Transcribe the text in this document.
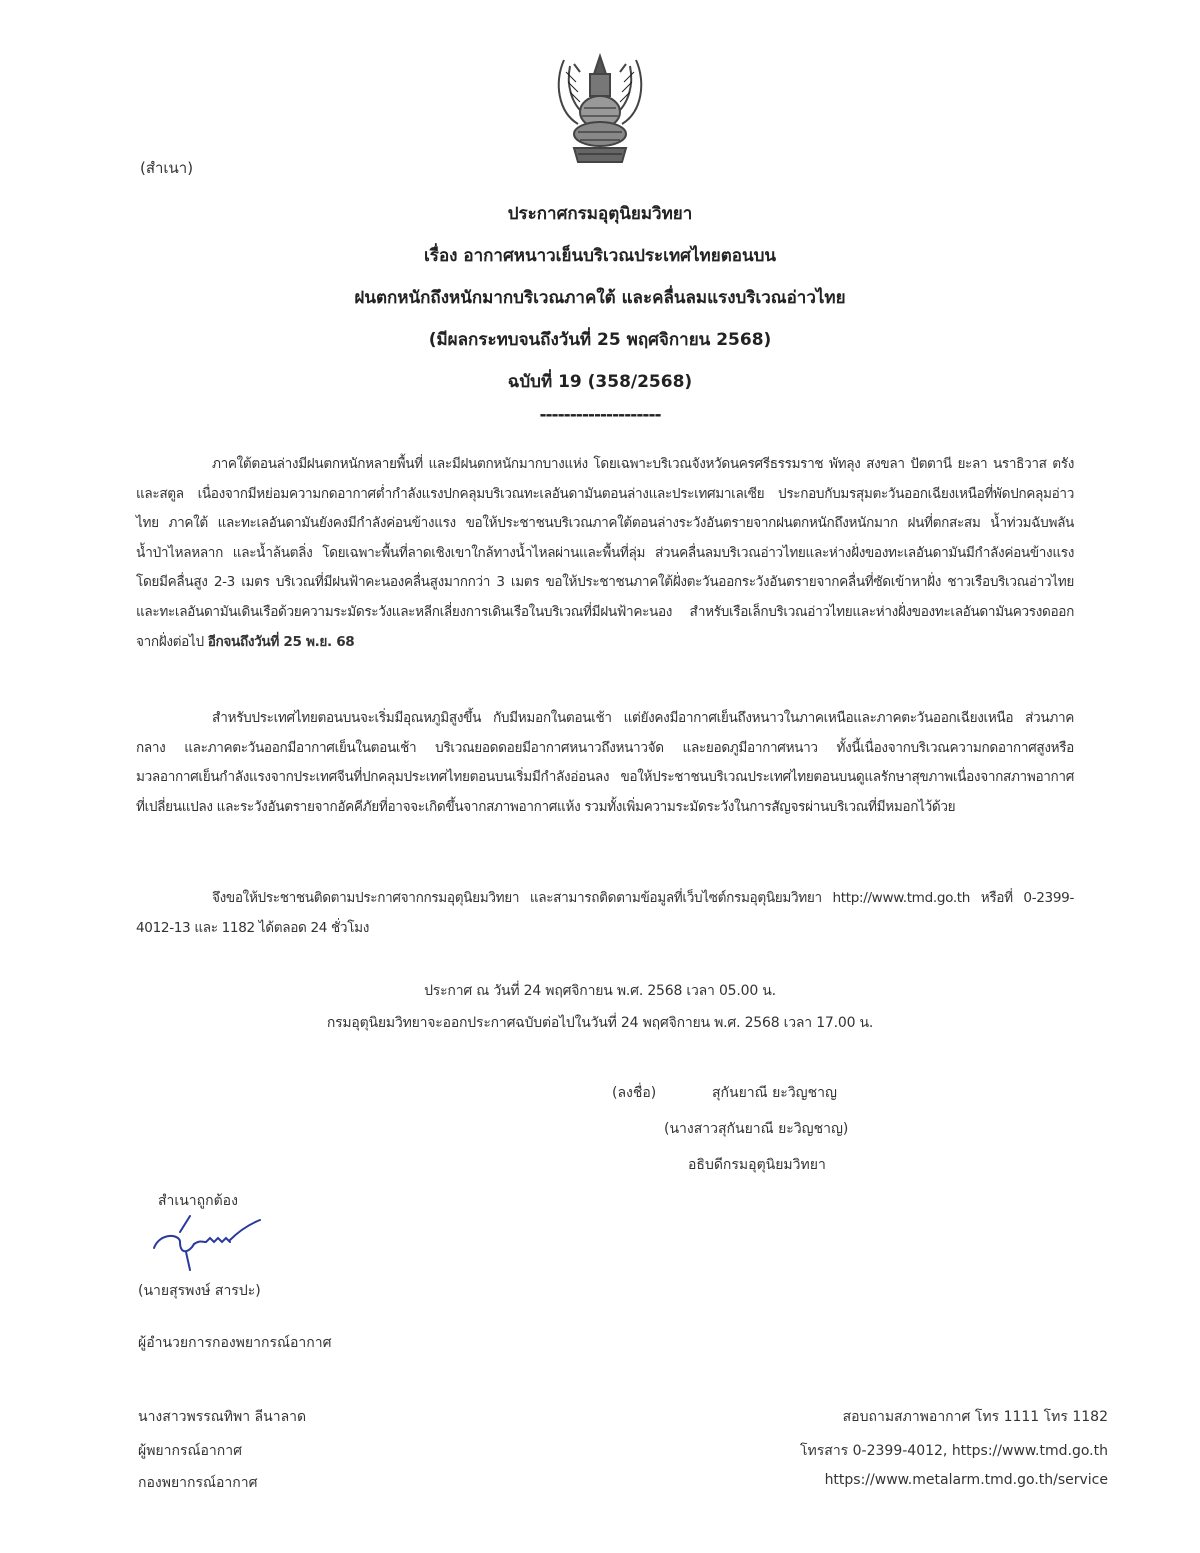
(สำเนา)
ประกาศกรมอุตุนิยมวิทยา
เรื่อง อากาศหนาวเย็นบริเวณประเทศไทยตอนบน
ฝนตกหนักถึงหนักมากบริเวณภาคใต้ และคลื่นลมแรงบริเวณอ่าวไทย
(มีผลกระทบจนถึงวันที่ 25 พฤศจิกายน 2568)
ฉบับที่ 19 (358/2568)
--------------------
ภาคใต้ตอนล่างมีฝนตกหนักหลายพื้นที่ และมีฝนตกหนักมากบางแห่ง โดยเฉพาะบริเวณจังหวัดนครศรีธรรมราช พัทลุง สงขลา ปัตตานี ยะลา นราธิวาส ตรัง และสตูล เนื่องจากมีหย่อมความกดอากาศต่ำกำลังแรงปกคลุมบริเวณทะเลอันดามันตอนล่างและประเทศมาเลเซีย ประกอบกับมรสุมตะวันออกเฉียงเหนือที่พัดปกคลุมอ่าวไทย ภาคใต้ และทะเลอันดามันยังคงมีกำลังค่อนข้างแรง ขอให้ประชาชนบริเวณภาคใต้ตอนล่างระวังอันตรายจากฝนตกหนักถึงหนักมาก ฝนที่ตกสะสม น้ำท่วมฉับพลัน น้ำป่าไหลหลาก และน้ำล้นตลิ่ง โดยเฉพาะพื้นที่ลาดเชิงเขาใกล้ทางน้ำไหลผ่านและพื้นที่ลุ่ม ส่วนคลื่นลมบริเวณอ่าวไทยและห่างฝั่งของทะเลอันดามันมีกำลังค่อนข้างแรง โดยมีคลื่นสูง 2-3 เมตร บริเวณที่มีฝนฟ้าคะนองคลื่นสูงมากกว่า 3 เมตร ขอให้ประชาชนภาคใต้ฝั่งตะวันออกระวังอันตรายจากคลื่นที่ซัดเข้าหาฝั่ง ชาวเรือบริเวณอ่าวไทยและทะเลอันดามันเดินเรือด้วยความระมัดระวังและหลีกเลี่ยงการเดินเรือในบริเวณที่มีฝนฟ้าคะนอง สำหรับเรือเล็กบริเวณอ่าวไทยและห่างฝั่งของทะเลอันดามันควรงดออกจากฝั่งต่อไป อีกจนถึงวันที่ 25 พ.ย. 68
สำหรับประเทศไทยตอนบนจะเริ่มมีอุณหภูมิสูงขึ้น กับมีหมอกในตอนเช้า แต่ยังคงมีอากาศเย็นถึงหนาวในภาคเหนือและภาคตะวันออกเฉียงเหนือ ส่วนภาคกลาง และภาคตะวันออกมีอากาศเย็นในตอนเช้า บริเวณยอดดอยมีอากาศหนาวถึงหนาวจัด และยอดภูมีอากาศหนาว ทั้งนี้เนื่องจากบริเวณความกดอากาศสูงหรือมวลอากาศเย็นกำลังแรงจากประเทศจีนที่ปกคลุมประเทศไทยตอนบนเริ่มมีกำลังอ่อนลง ขอให้ประชาชนบริเวณประเทศไทยตอนบนดูแลรักษาสุขภาพเนื่องจากสภาพอากาศที่เปลี่ยนแปลง และระวังอันตรายจากอัคคีภัยที่อาจจะเกิดขึ้นจากสภาพอากาศแห้ง รวมทั้งเพิ่มความระมัดระวังในการสัญจรผ่านบริเวณที่มีหมอกไว้ด้วย
จึงขอให้ประชาชนติดตามประกาศจากกรมอุตุนิยมวิทยา และสามารถติดตามข้อมูลที่เว็บไซต์กรมอุตุนิยมวิทยา http://www.tmd.go.th หรือที่ 0-2399-4012-13 และ 1182 ได้ตลอด 24 ชั่วโมง
ประกาศ ณ วันที่ 24 พฤศจิกายน พ.ศ. 2568 เวลา 05.00 น.
กรมอุตุนิยมวิทยาจะออกประกาศฉบับต่อไปในวันที่ 24 พฤศจิกายน พ.ศ. 2568 เวลา 17.00 น.
(ลงชื่อ)	สุกันยาณี ยะวิญชาญ
(นางสาวสุกันยาณี ยะวิญชาญ)
อธิบดีกรมอุตุนิยมวิทยา
สำเนาถูกต้อง
(นายสุรพงษ์ สารปะ)
ผู้อำนวยการกองพยากรณ์อากาศ
นางสาวพรรณทิพา ลีนาลาด
ผู้พยากรณ์อากาศ
กองพยากรณ์อากาศ
สอบถามสภาพอากาศ โทร 1111 โทร 1182
โทรสาร 0-2399-4012, https://www.tmd.go.th
https://www.metalarm.tmd.go.th/service
